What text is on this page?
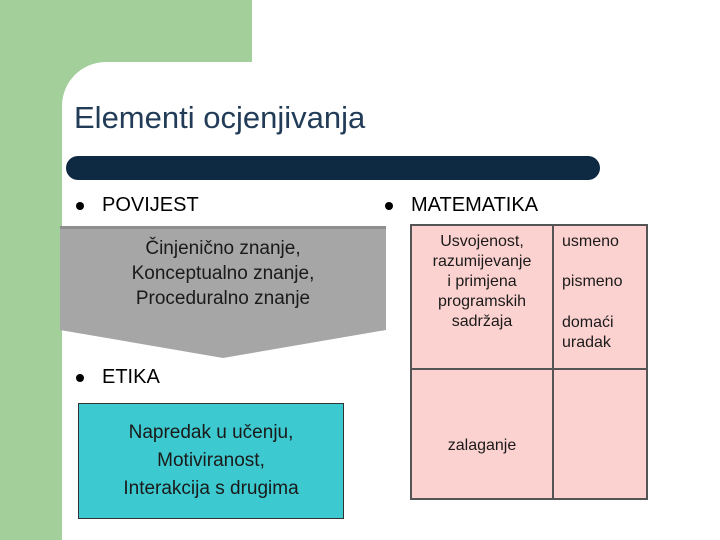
Elementi ocjenjivanja
POVIJEST
Činjenično znanje,
Konceptualno znanje,
Proceduralno znanje
ETIKA
Napredak u učenju,
Motiviranost,
Interakcija s drugima
MATEMATIKA
Usvojenost,
razumijevanje
i primjena
programskih
sadržaja
zalaganje
usmeno
pismeno
domaći
uradak
